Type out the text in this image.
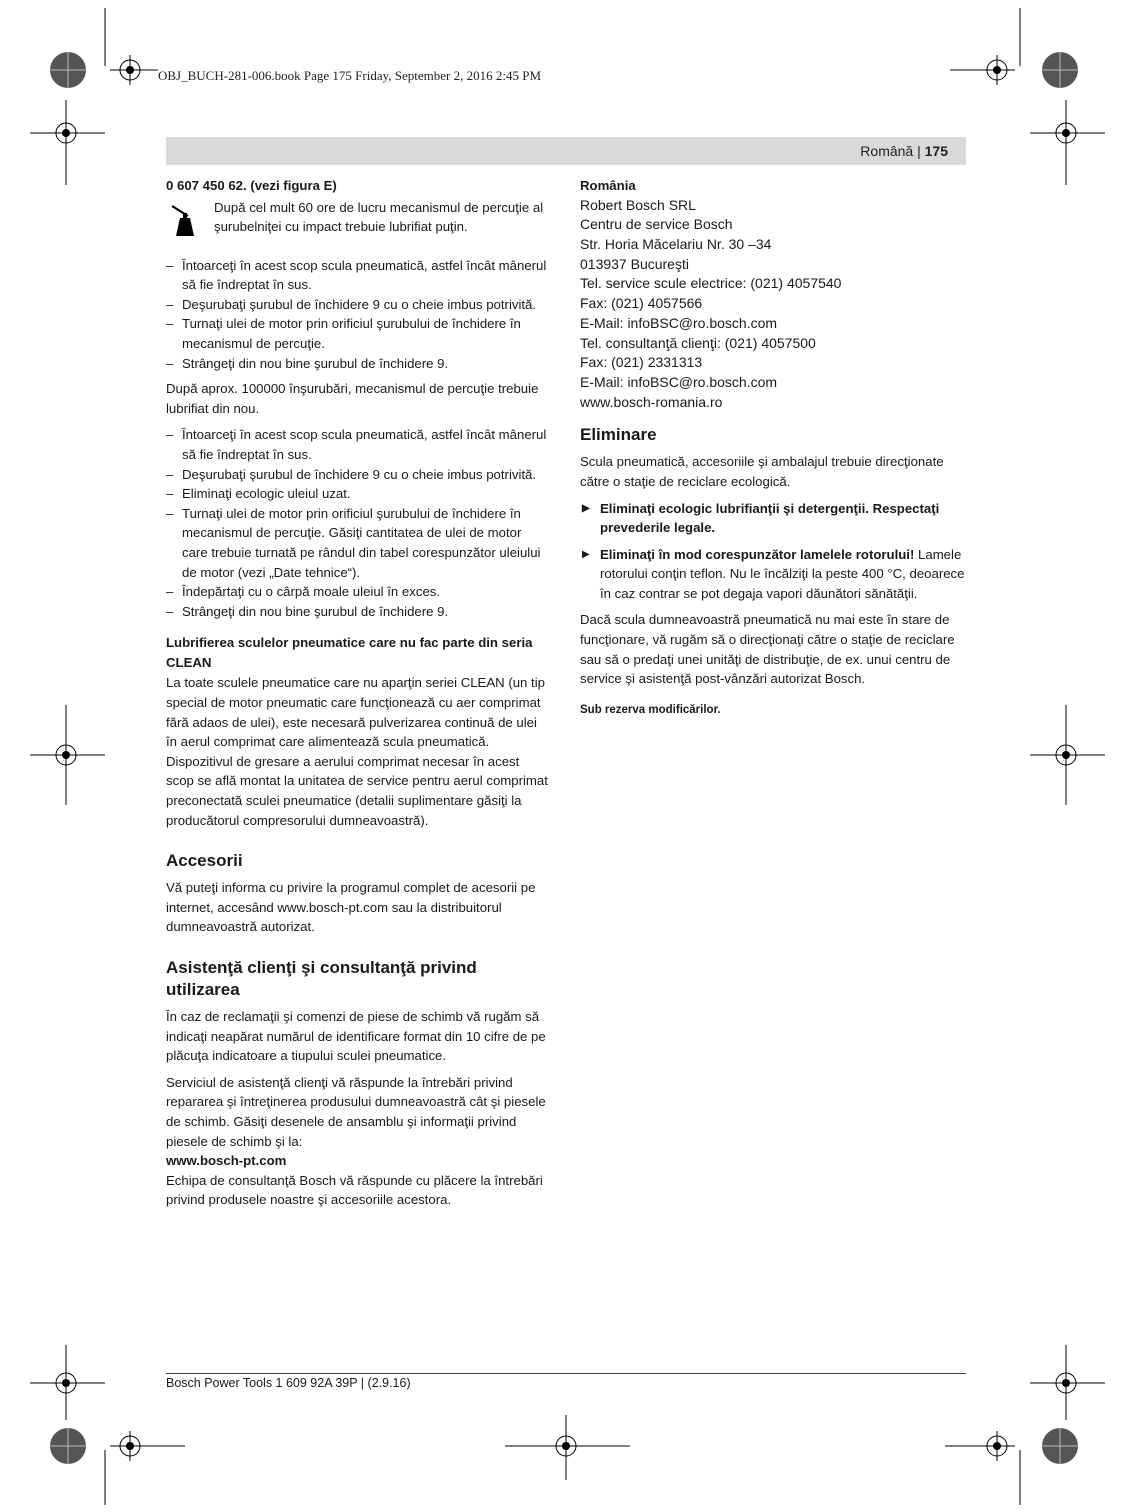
OBJ_BUCH-281-006.book Page 175 Friday, September 2, 2016 2:45 PM
Română | 175
0 607 450 62. (vezi figura E)
După cel mult 60 ore de lucru mecanismul de percuţie al şurubelniţei cu impact trebuie lubrifiat puţin.
– Întoarceţi în acest scop scula pneumatică, astfel încât mânerul să fie îndreptat în sus.
– Deşurubaţi şurubul de închidere 9 cu o cheie imbus potrivită.
– Turnaţi ulei de motor prin orificiul şurubului de închidere în mecanismul de percuţie.
– Strângeţi din nou bine şurubul de închidere 9.

După aprox. 100000 înşurubări, mecanismul de percuţie trebuie lubrifiat din nou.

– Întoarceţi în acest scop scula pneumatică, astfel încât mânerul să fie îndreptat în sus.
– Deşurubaţi şurubul de închidere 9 cu o cheie imbus potrivită.
– Eliminaţi ecologic uleiul uzat.
– Turnaţi ulei de motor prin orificiul şurubului de închidere în mecanismul de percuţie. Găsiţi cantitatea de ulei de motor care trebuie turnată pe rândul din tabel corespunzător uleiului de motor (vezi „Date tehnice“).
– Îndepărtaţi cu o cârpă moale uleiul în exces.
– Strângeţi din nou bine şurubul de închidere 9.
Lubrifierea sculelor pneumatice care nu fac parte din seria CLEAN

La toate sculele pneumatice care nu aparţin seriei CLEAN (un tip special de motor pneumatic care funcţionează cu aer comprimat fără adaos de ulei), este necesară pulverizarea continuă de ulei în aerul comprimat care alimentează scula pneumatică. Dispozitivul de gresare a aerului comprimat necesar în acest scop se află montat la unitatea de service pentru aerul comprimat preconectată sculei pneumatice (detalii suplimentare găsiţi la producătorul compresorului dumneavoastră).

Accesorii

Vă puteţi informa cu privire la programul complet de acesorii pe internet, accesând www.bosch-pt.com sau la distribuitorul dumneavoastră autorizat.

Asistenţă clienţi şi consultanţă privind utilizarea

În caz de reclamaţii şi comenzi de piese de schimb vă rugăm să indicaţi neapărat numărul de identificare format din 10 cifre de pe plăcuţa indicatoare a tiupului sculei pneumatice.

Serviciul de asistenţă clienţi vă răspunde la întrebări privind repararea şi întreţinerea produsului dumneavoastră cât şi piesele de schimb. Găsiţi desenele de ansamblu şi informaţii privind piesele de schimb şi la:

www.bosch-pt.com

Echipa de consultanţă Bosch vă răspunde cu plăcere la întrebări privind produsele noastre şi accesoriile acestora.

România
Robert Bosch SRL
Centru de service Bosch
Str. Horia Măcelariu Nr. 30 –34
013937 Bucureşti
Tel. service scule electrice: (021) 4057540
Fax: (021) 4057566
E-Mail: infoBSC@ro.bosch.com
Tel. consultanţă clienţi: (021) 4057500
Fax: (021) 2331313
E-Mail: infoBSC@ro.bosch.com
www.bosch-romania.ro
Eliminare

Scula pneumatică, accesoriile şi ambalajul trebuie direcţionate către o staţie de reciclare ecologică.

▶ Eliminaţi ecologic lubrifianţii şi detergenţii. Respectaţi prevederile legale.

▶ Eliminaţi în mod corespunzător lamelele rotorului! Lamele rotorului conţin teflon. Nu le încălziţi la peste 400 °C, deoarece în caz contrar se pot degaja vapori dăunători sănătăţii.

Dacă scula dumneavoastră pneumatică nu mai este în stare de funcţionare, vă rugăm să o direcţionaţi către o staţie de reciclare sau să o predaţi unei unităţi de distribuţie, de ex. unui centru de service şi asistenţă post-vânzări autorizat Bosch.

Sub rezerva modificărilor.
Bosch Power Tools 1 609 92A 39P | (2.9.16)
